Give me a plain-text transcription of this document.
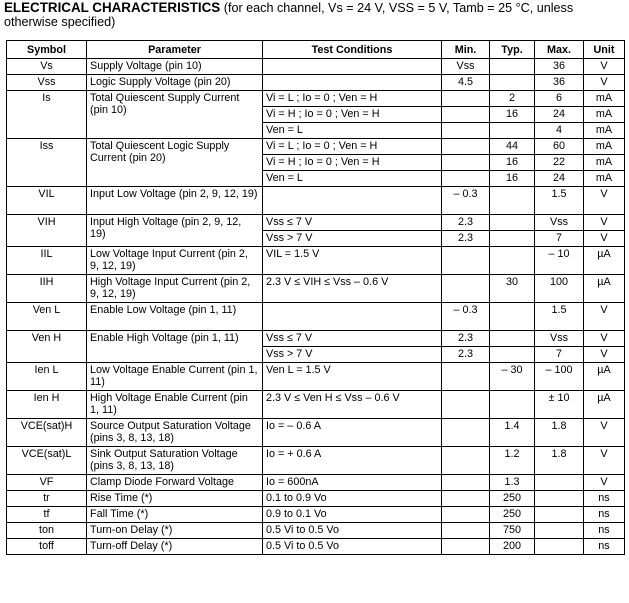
ELECTRICAL CHARACTERISTICS (for each channel, Vs = 24 V, VSS = 5 V, Tamb = 25 °C, unless otherwise specified)
Symbol	Parameter	Test Conditions	Min.	Typ.	Max.	Unit
Vs	Supply Voltage (pin 10)		Vss		36	V
Vss	Logic Supply Voltage (pin 20)		4.5		36	V
Is	Total Quiescent Supply Current (pin 10)	Vi = L ; Io = 0 ; Ven = H		2	6	mA
		Vi = H ; Io = 0 ; Ven = H		16	24	mA
		Ven = L			4	mA
Iss	Total Quiescent Logic Supply Current (pin 20)	Vi = L ; Io = 0 ; Ven = H		44	60	mA
		Vi = H ; Io = 0 ; Ven = H		16	22	mA
		Ven = L		16	24	mA
VIL	Input Low Voltage (pin 2, 9, 12, 19)		– 0.3		1.5	V
VIH	Input High Voltage (pin 2, 9, 12, 19)	Vss ≤ 7 V	2.3		Vss	V
		Vss > 7 V	2.3		7	V
IIL	Low Voltage Input Current (pin 2, 9, 12, 19)	VIL = 1.5 V			– 10	µA
IIH	High Voltage Input Current (pin 2, 9, 12, 19)	2.3 V ≤ VIH ≤ Vss – 0.6 V		30	100	µA
Ven L	Enable Low Voltage (pin 1, 11)		– 0.3		1.5	V
Ven H	Enable High Voltage (pin 1, 11)	Vss ≤ 7 V	2.3		Vss	V
		Vss > 7 V	2.3		7	V
Ien L	Low Voltage Enable Current (pin 1, 11)	Ven L = 1.5 V		– 30	– 100	µA
Ien H	High Voltage Enable Current (pin 1, 11)	2.3 V ≤ Ven H ≤ Vss – 0.6 V			± 10	µA
VCE(sat)H	Source Output Saturation Voltage (pins 3, 8, 13, 18)	Io = – 0.6 A		1.4	1.8	V
VCE(sat)L	Sink Output Saturation Voltage (pins 3, 8, 13, 18)	Io = + 0.6 A		1.2	1.8	V
VF	Clamp Diode Forward Voltage	Io = 600nA		1.3		V
tr	Rise Time (*)	0.1 to 0.9 Vo		250		ns
tf	Fall Time (*)	0.9 to 0.1 Vo		250		ns
ton	Turn-on Delay (*)	0.5 Vi to 0.5 Vo		750		ns
toff	Turn-off Delay (*)	0.5 Vi to 0.5 Vo		200		ns
